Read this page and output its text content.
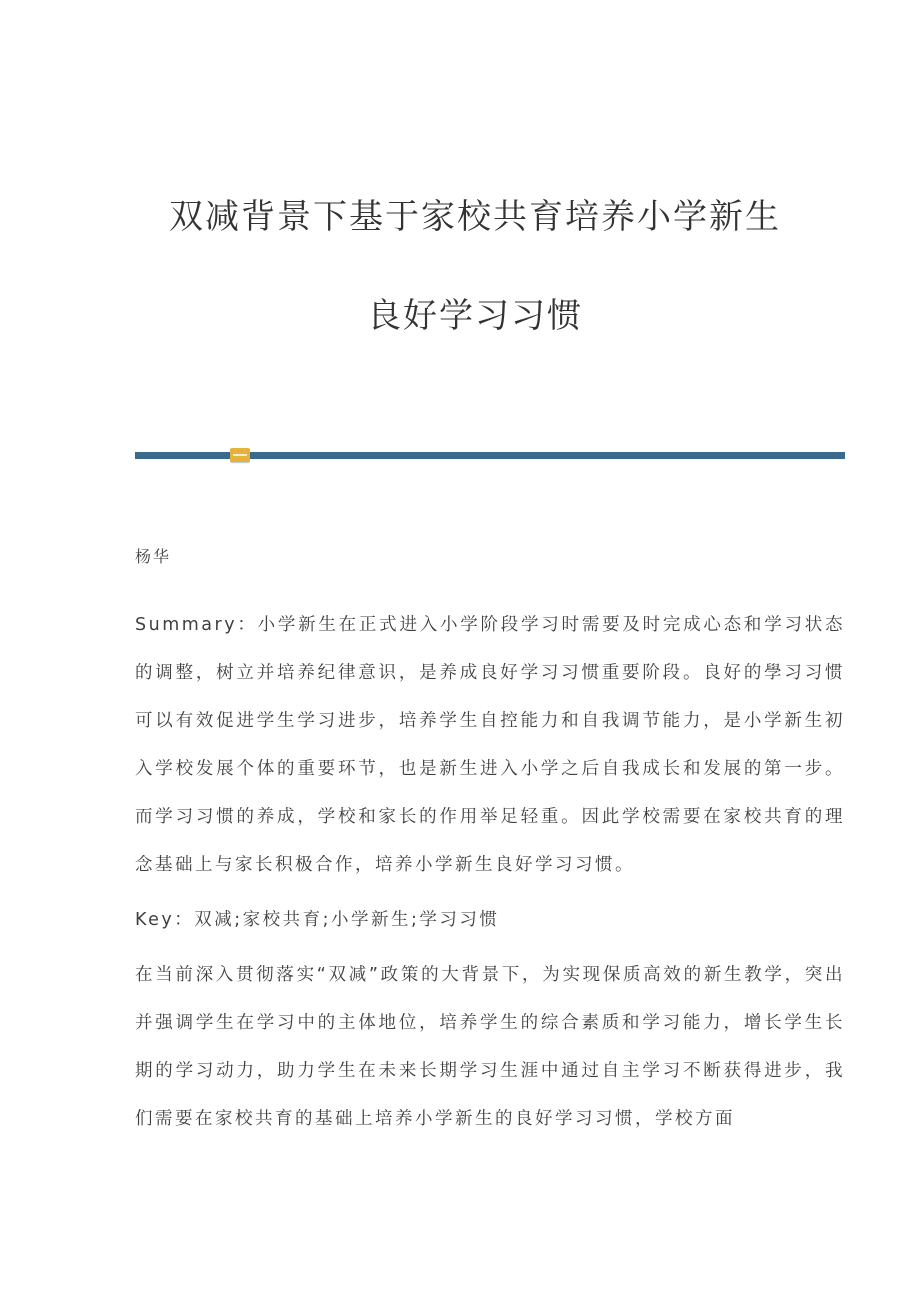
双减背景下基于家校共育培养小学新生
良好学习习惯
杨华

Summary：小学新生在正式进入小学阶段学习时需要及时完成心态和学习状态的调整，树立并培养纪律意识，是养成良好学习习惯重要阶段。良好的學习习惯可以有效促进学生学习进步，培养学生自控能力和自我调节能力，是小学新生初入学校发展个体的重要环节，也是新生进入小学之后自我成长和发展的第一步。而学习习惯的养成，学校和家长的作用举足轻重。因此学校需要在家校共育的理念基础上与家长积极合作，培养小学新生良好学习习惯。

Key：双减;家校共育;小学新生;学习习惯

在当前深入贯彻落实“双减”政策的大背景下，为实现保质高效的新生教学，突出并强调学生在学习中的主体地位，培养学生的综合素质和学习能力，增长学生长期的学习动力，助力学生在未来长期学习生涯中通过自主学习不断获得进步，我们需要在家校共育的基础上培养小学新生的良好学习习惯，学校方面
